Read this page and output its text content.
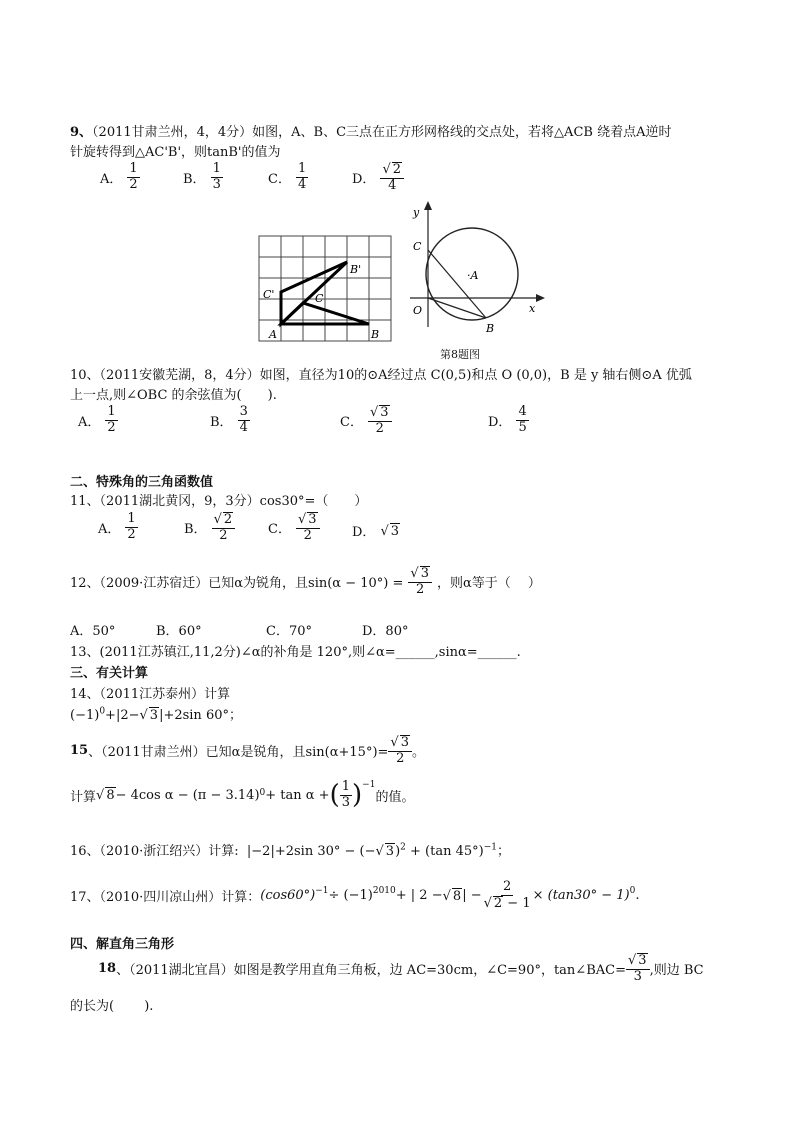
9、（2011甘肃兰州，4，4分）如图，A、B、C三点在正方形网格线的交点处，若将△ACB 绕着点A逆时
针旋转得到△AC'B'，则tanB'的值为
A． $\frac{1}{2}$	B． $\frac{1}{3}$	C． $\frac{1}{4}$	D． $\frac{√ 2}{4}$
A	B
C
C'
B'
y
x
C
·A
O
B
第8题图
10、（2011安徽芜湖，8，4分）如图，直径为10的⊙A经过点 C(0,5)和点 O (0,0)，B 是 y 轴右侧⊙A 优弧
上一点,则∠OBC 的余弦值为(　　).
A． $\frac{1}{2}$	B． $\frac{3}{4}$	C． $\frac{√ 3}{2}$	D． $\frac{4}{5}$
二、特殊角的三角函数值
11、（2011湖北黄冈，9，3分）cos30°=（　　）
A． $\frac{1}{2}$	B． $\frac{√ 2}{2}$	C． $\frac{√ 3}{2}$ D． √ 3
12、（2009·江苏宿迁）已知α为锐角，且$\sin(\alpha - 10^\circ) = \frac{√ 3}{2}$ ，则α等于（　 ）
A．50°	B．60°	C．70°	D．80°
13、(2011江苏镇江,11,2分)∠α的补角是 120°,则∠α=______,sinα=______.
三、有关计算
14、（2011江苏泰州）计算
$(-1)^0+|2-√$ 3|+2sin 60°；
15 、（2011甘肃兰州）已知α是锐角，且$\sin(\alpha+15^\circ)= \frac{√ 3}{2}$ 。
计算 √ 8 − 4cos α − (π − 3.14) 0 + tan α + ( $\frac{1}{3} )^{-1}$
的值。
16、（2010·浙江绍兴）计算: |−2|+2sin 30° − (−√ 3)$^2$ + (tan 45°)$^{-1}$；
17、（2010·四川凉山州）计算： $(\cos 60^\circ)^{-1} \div (-1)^{2010}$ + | 2 − √ 8 | − $\frac{2}{√ 2 - 1} \times (\tan 30^\circ - 1)^0$ .
四、解直角三角形
18 、（2011湖北宜昌）如图是教学用直角三角板，边 AC=30cm，∠C=90°，tan∠BAC= $\frac{√ 3}{3}$ ,则边 BC
的长为(　　 ).
